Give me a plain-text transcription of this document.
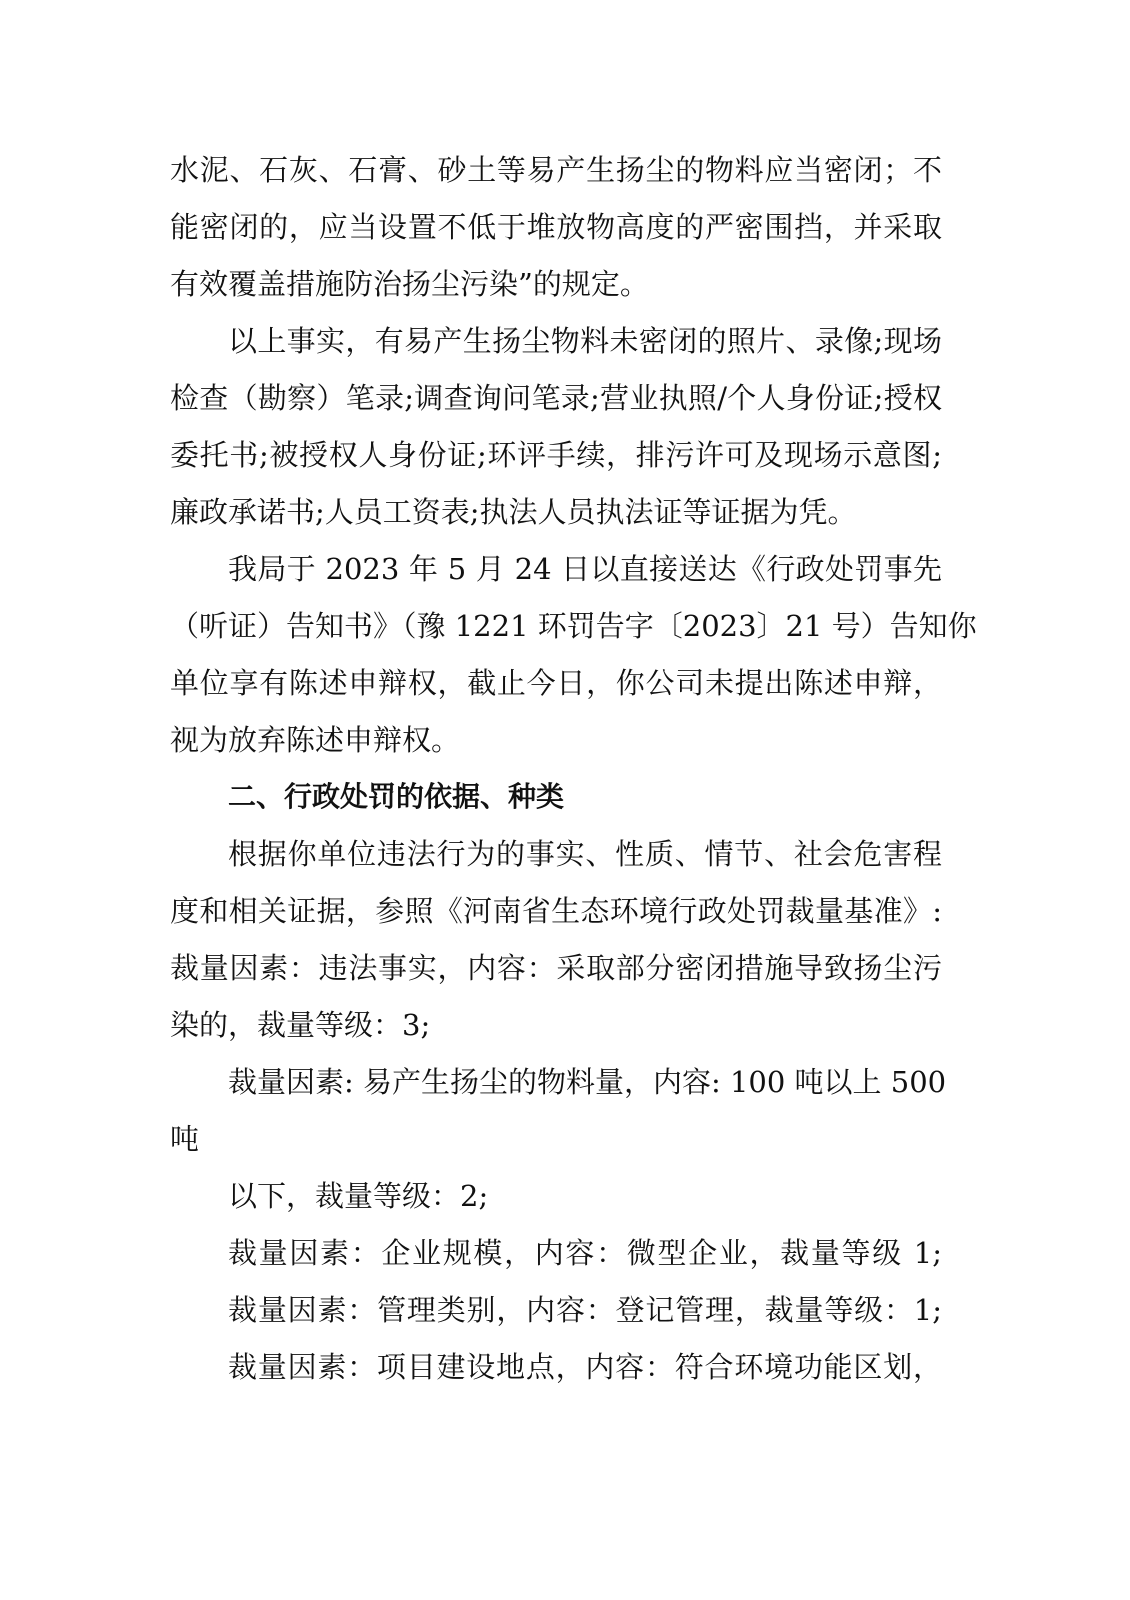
水泥、石灰、石膏、砂土等易产生扬尘的物料应当密闭；不
能密闭的，应当设置不低于堆放物高度的严密围挡，并采取
有效覆盖措施防治扬尘污染”的规定。
以上事实，有易产生扬尘物料未密闭的照片、录像;现场
检查（勘察）笔录;调查询问笔录;营业执照/个人身份证;授权
委托书;被授权人身份证;环评手续，排污许可及现场示意图;
廉政承诺书;人员工资表;执法人员执法证等证据为凭。
我局于 2023 年 5 月 24 日以直接送达《行政处罚事先
（听证）告知书》（豫 1221 环罚告字〔2023〕21 号）告知你
单位享有陈述申辩权，截止今日，你公司未提出陈述申辩，
视为放弃陈述申辩权。
二、行政处罚的依据、种类
根据你单位违法行为的事实、性质、情节、社会危害程
度和相关证据，参照《河南省生态环境行政处罚裁量基准》:
裁量因素：违法事实，内容：采取部分密闭措施导致扬尘污
染的，裁量等级：3;
裁量因素: 易产生扬尘的物料量，内容: 100 吨以上 500
吨
以下，裁量等级：2;
裁量因素：企业规模，内容：微型企业，裁量等级 1;
裁量因素：管理类别，内容：登记管理，裁量等级：1;
裁量因素：项目建设地点，内容：符合环境功能区划，
